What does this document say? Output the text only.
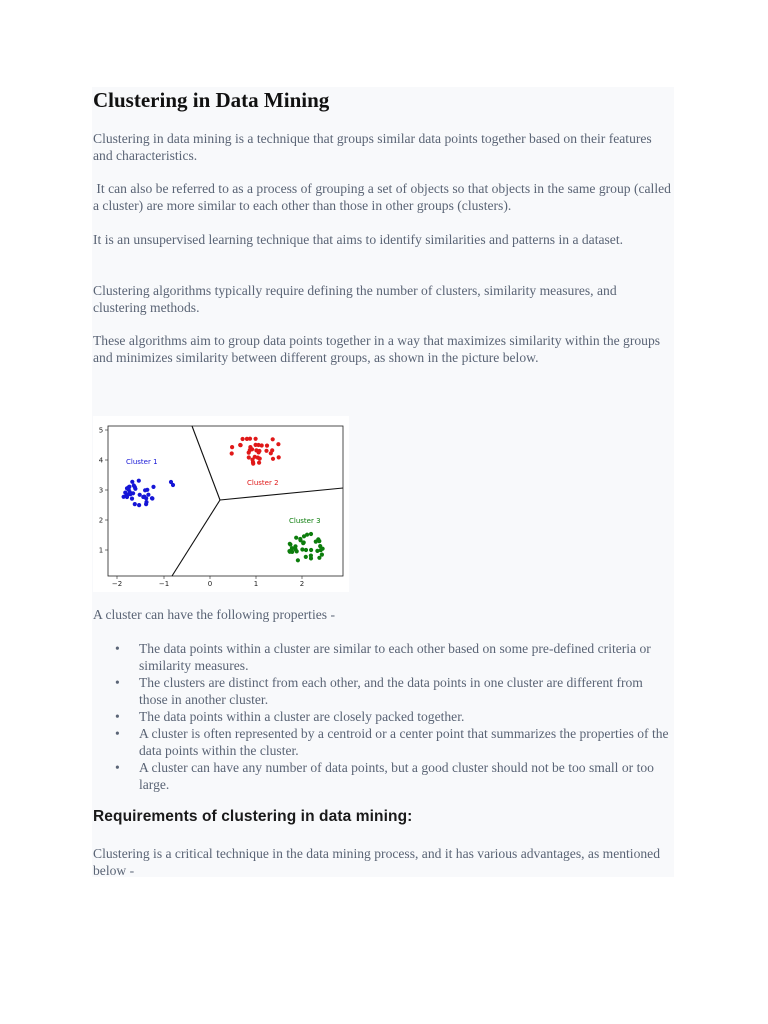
Clustering in Data Mining

Clustering in data mining is a technique that groups similar data points together based on their features and characteristics.

It can also be referred to as a process of grouping a set of objects so that objects in the same group (called a cluster) are more similar to each other than those in other groups (clusters).

It is an unsupervised learning technique that aims to identify similarities and patterns in a dataset.

Clustering algorithms typically require defining the number of clusters, similarity measures, and clustering methods.

These algorithms aim to group data points together in a way that maximizes similarity within the groups and minimizes similarity between different groups, as shown in the picture below.

−2	−1	0	1	2
1
2
3
4
5
Cluster 1
Cluster 2
Cluster 3

A cluster can have the following properties -

• The data points within a cluster are similar to each other based on some pre-defined criteria or similarity measures.
• The clusters are distinct from each other, and the data points in one cluster are different from those in another cluster.
• The data points within a cluster are closely packed together.
• A cluster is often represented by a centroid or a center point that summarizes the properties of the data points within the cluster.
• A cluster can have any number of data points, but a good cluster should not be too small or too large.
Requirements of clustering in data mining:

Clustering is a critical technique in the data mining process, and it has various advantages, as mentioned below -
